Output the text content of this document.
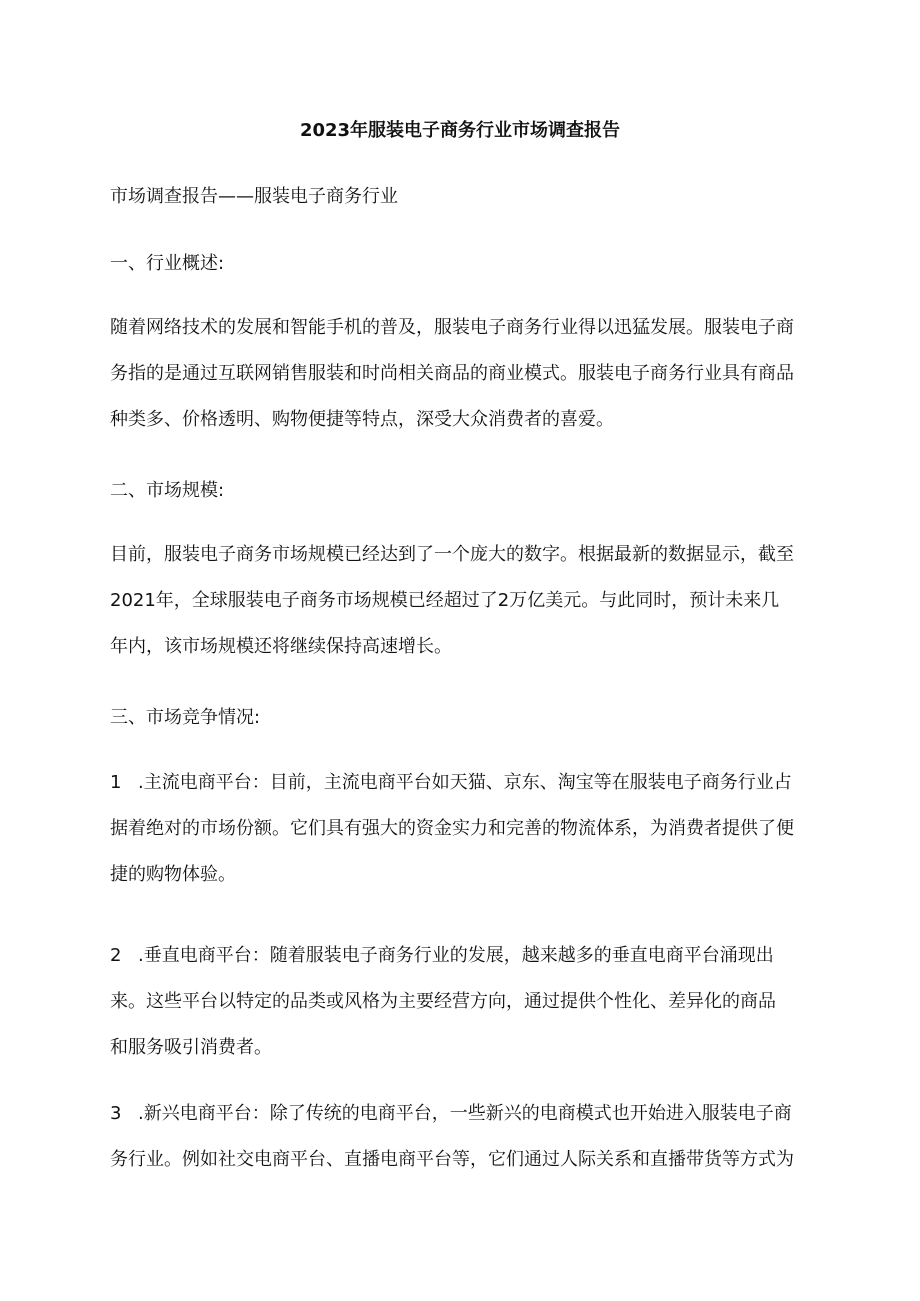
2023年服装电子商务行业市场调查报告
市场调查报告——服装电子商务行业
一、行业概述:
随着网络技术的发展和智能手机的普及，服装电子商务行业得以迅猛发展。服装电子商
务指的是通过互联网销售服装和时尚相关商品的商业模式。服装电子商务行业具有商品
种类多、价格透明、购物便捷等特点，深受大众消费者的喜爱。
二、市场规模:
目前，服装电子商务市场规模已经达到了一个庞大的数字。根据最新的数据显示，截至
2021年，全球服装电子商务市场规模已经超过了2万亿美元。与此同时，预计未来几
年内，该市场规模还将继续保持高速增长。
三、市场竞争情况:
1 .主流电商平台：目前，主流电商平台如天猫、京东、淘宝等在服装电子商务行业占
据着绝对的市场份额。它们具有强大的资金实力和完善的物流体系，为消费者提供了便
捷的购物体验。
2 .垂直电商平台：随着服装电子商务行业的发展，越来越多的垂直电商平台涌现出
来。这些平台以特定的品类或风格为主要经营方向，通过提供个性化、差异化的商品
和服务吸引消费者。
3 .新兴电商平台：除了传统的电商平台，一些新兴的电商模式也开始进入服装电子商
务行业。例如社交电商平台、直播电商平台等，它们通过人际关系和直播带货等方式为
